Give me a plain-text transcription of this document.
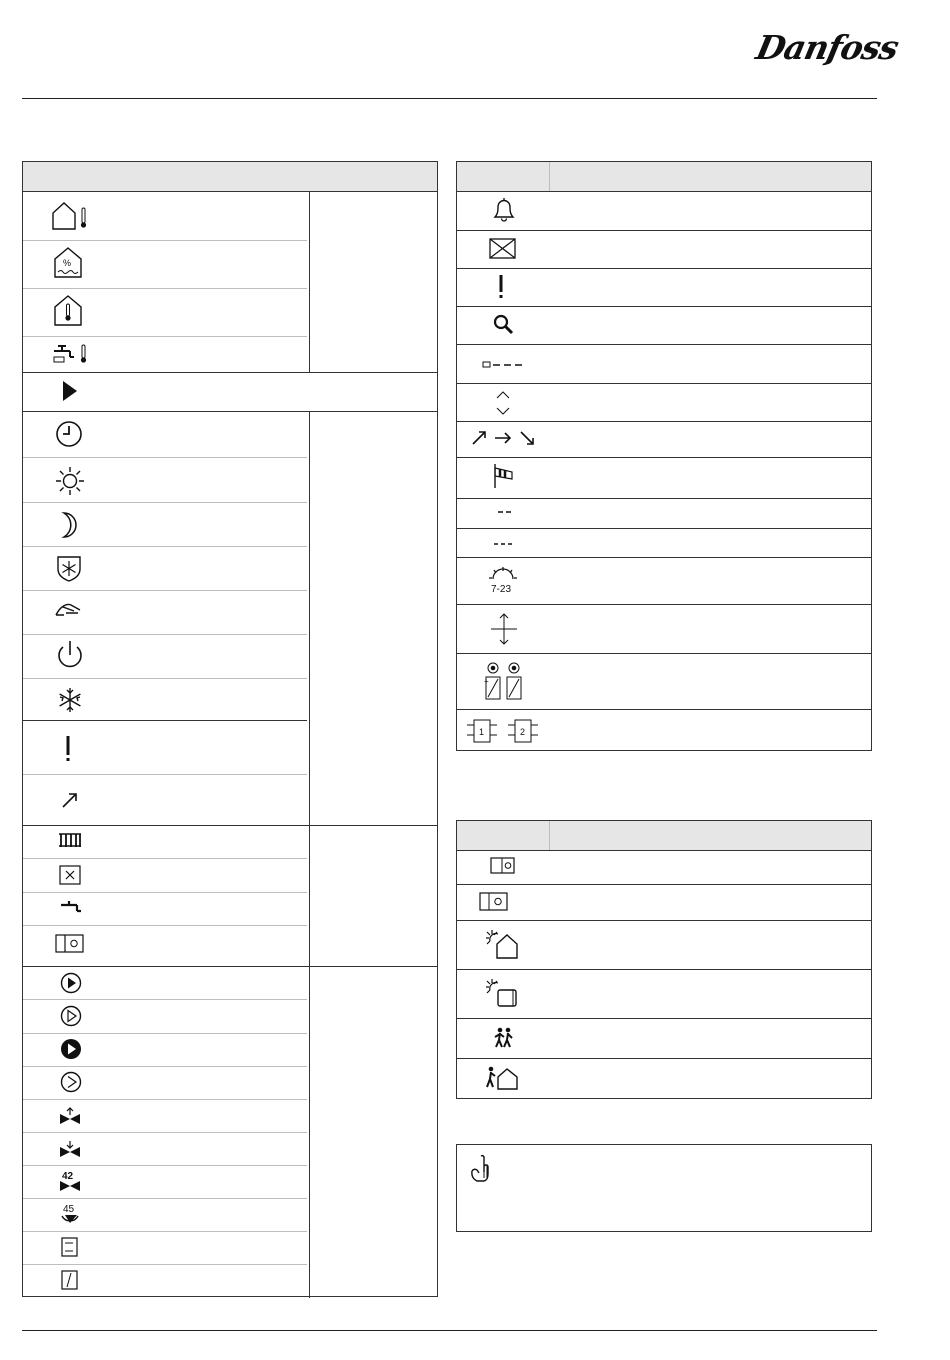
Danfoss
%
42
45
7-23
+
1	2
